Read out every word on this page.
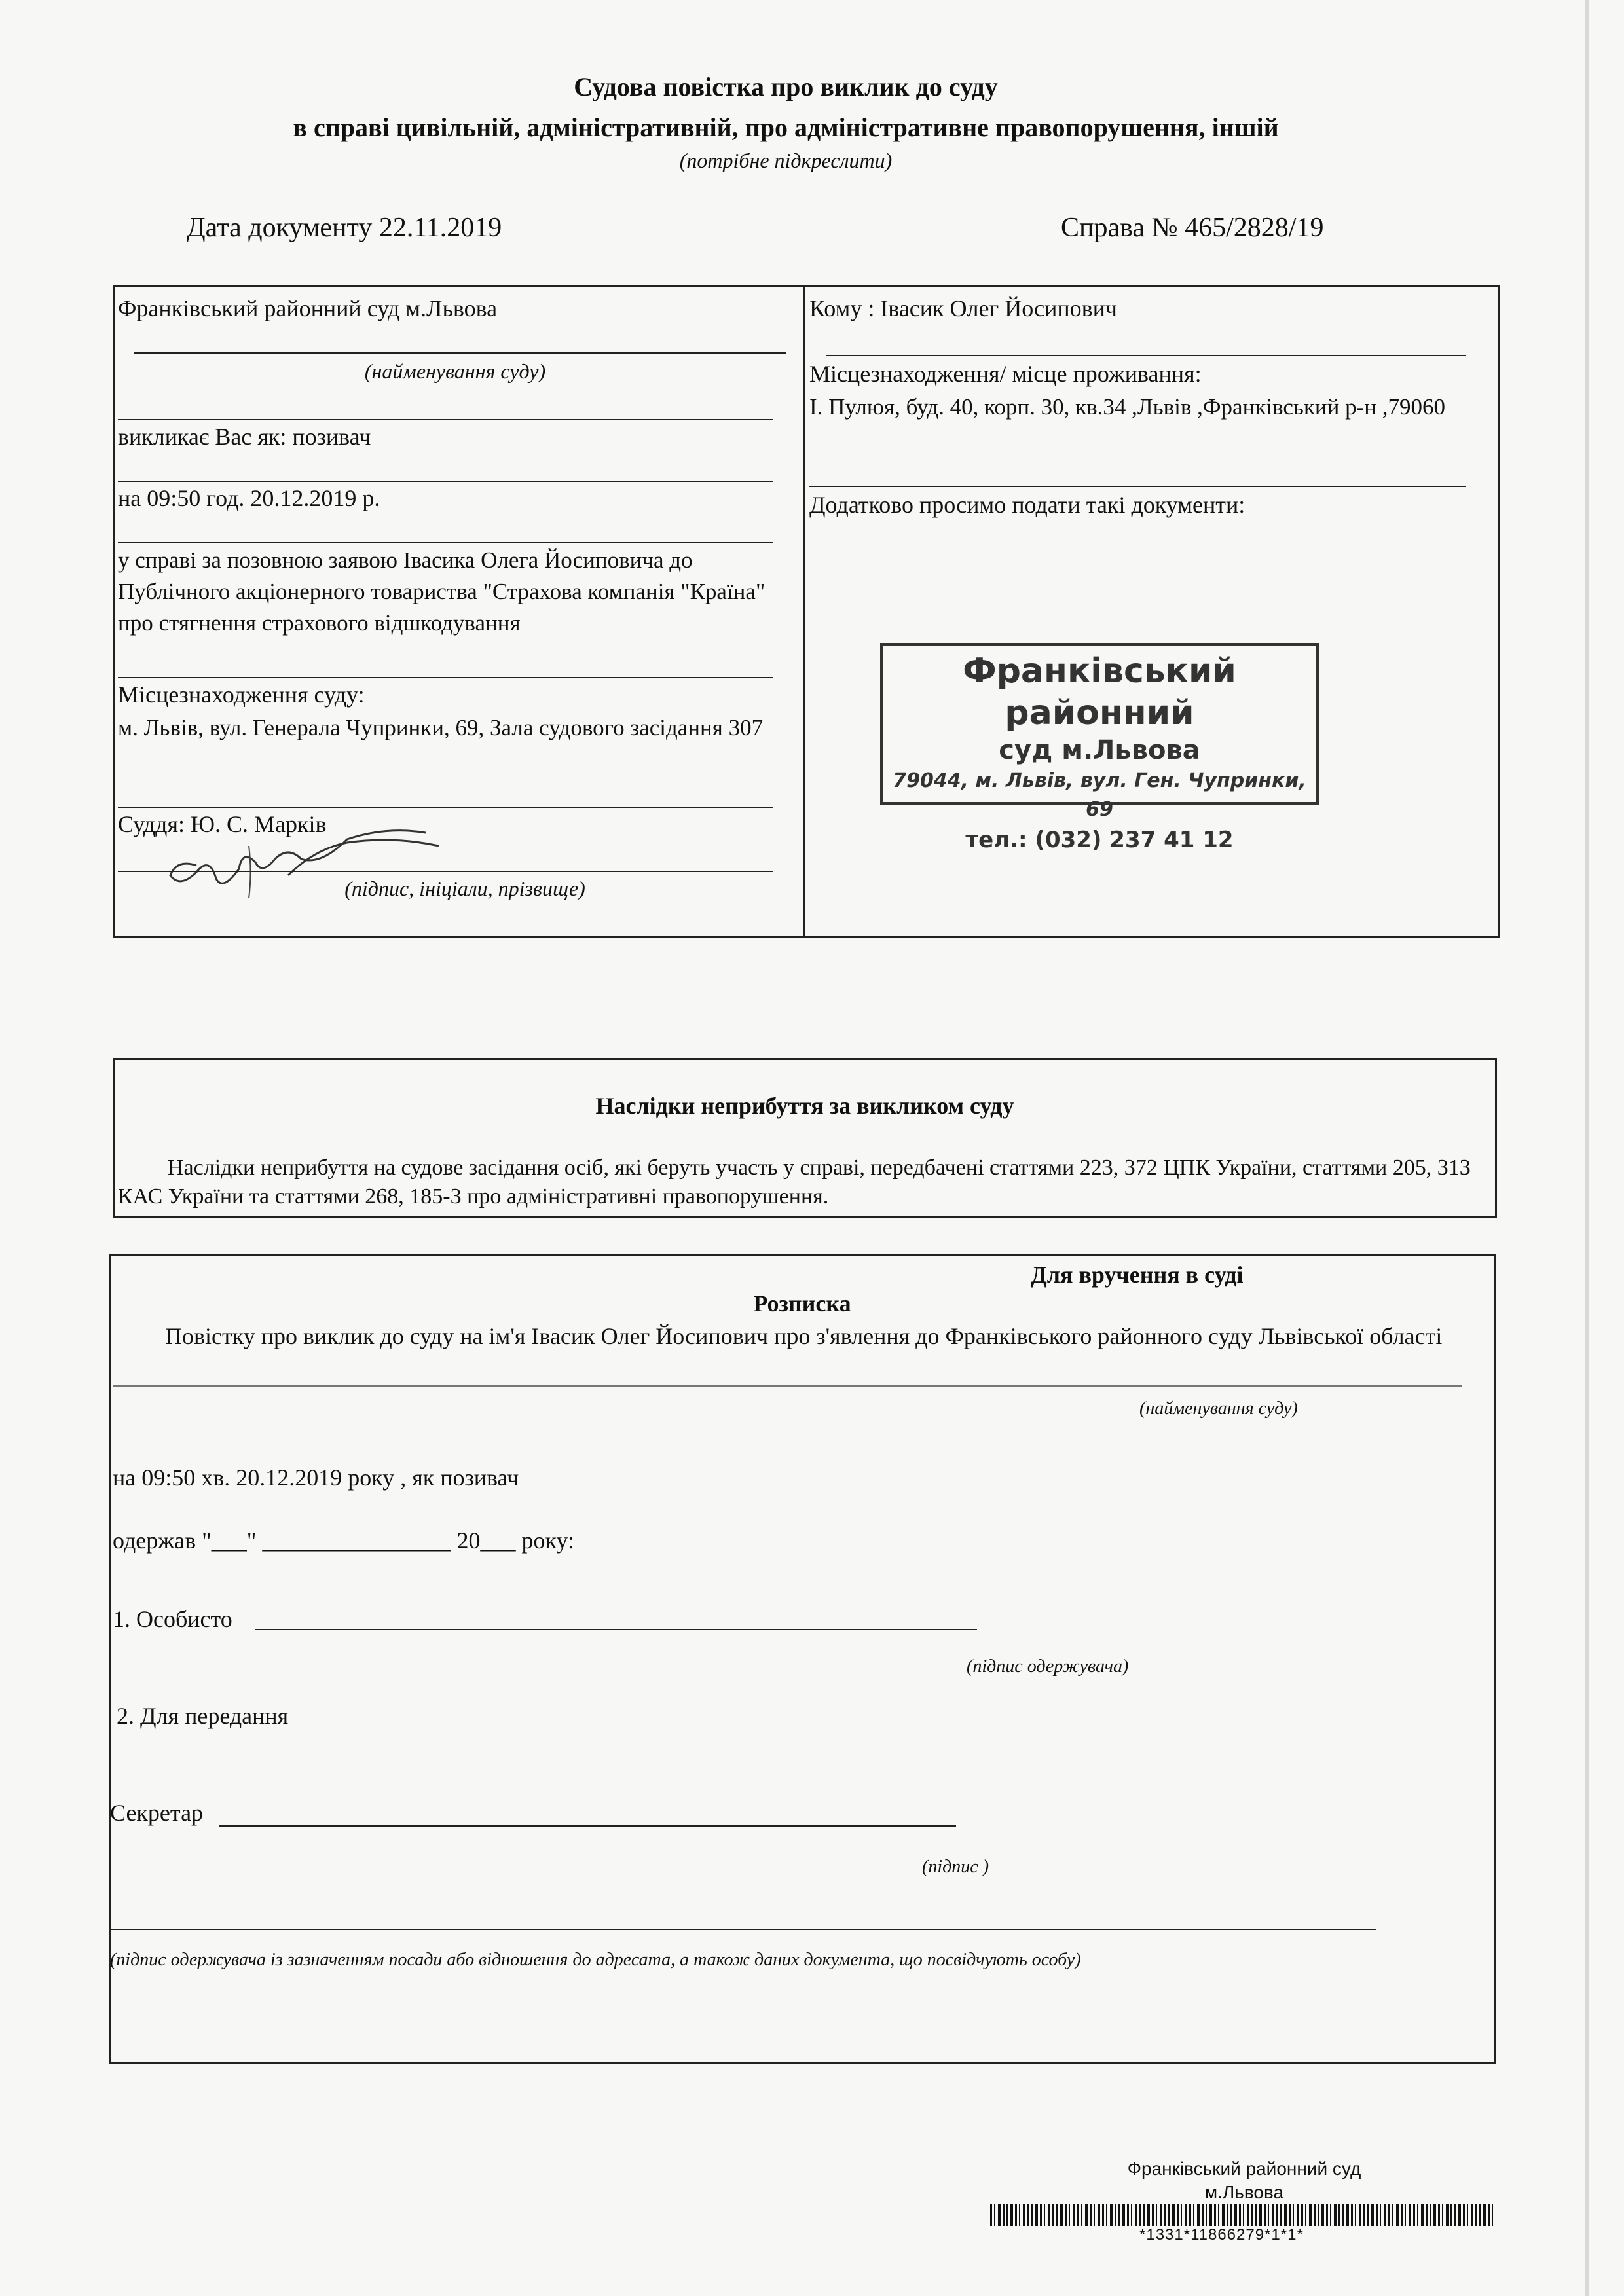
Судова повістка про виклик до суду
в справі цивільній, адміністративній, про адміністративне правопорушення, іншій
(потрібне підкреслити)
Дата документу 22.11.2019	Справа № 465/2828/19
Франківський районний суд м.Львова
(найменування суду)
викликає Вас як: позивач
на 09:50 год. 20.12.2019 р.
у справі за позовною заявою Івасика Олега Йосиповича до Публічного акціонерного товариства "Страхова компанія "Країна" про стягнення страхового відшкодування
Місцезнаходження суду:
м. Львів, вул. Генерала Чупринки, 69, Зала судового засідання 307
Суддя: Ю. С. Марків
(підпис, ініціали, прізвище)
Кому : Івасик Олег Йосипович
Місцезнаходження/ місце проживання:
І. Пулюя, буд. 40, корп. 30, кв.34 ,Львів ,Франківський р-н ,79060
Додатково просимо подати такі документи:
Франківський районний
суд м.Львова
79044, м. Львів, вул. Ген. Чупринки, 69
тел.: (032) 237 41 12
Наслідки неприбуття за викликом суду
Наслідки неприбуття на судове засідання осіб, які беруть участь у справі, передбачені статтями 223, 372 ЦПК України, статтями 205, 313 КАС України та статтями 268, 185-3 про адміністративні правопорушення.
Для вручення в суді
Розписка
Повістку про виклик до суду на ім'я Івасик Олег Йосипович про з'явлення до Франківського районного суду Львівської області
(найменування суду)
на 09:50 хв. 20.12.2019 року , як позивач
одержав "___" ________________ 20___ року:
1. Особисто
(підпис одержувача)
2. Для передання
Секретар
(підпис )
(підпис одержувача із зазначенням посади або відношення до адресата, а також даних документа, що посвідчують особу)
Франківський районний суд
м.Львова
*1331*11866279*1*1*
